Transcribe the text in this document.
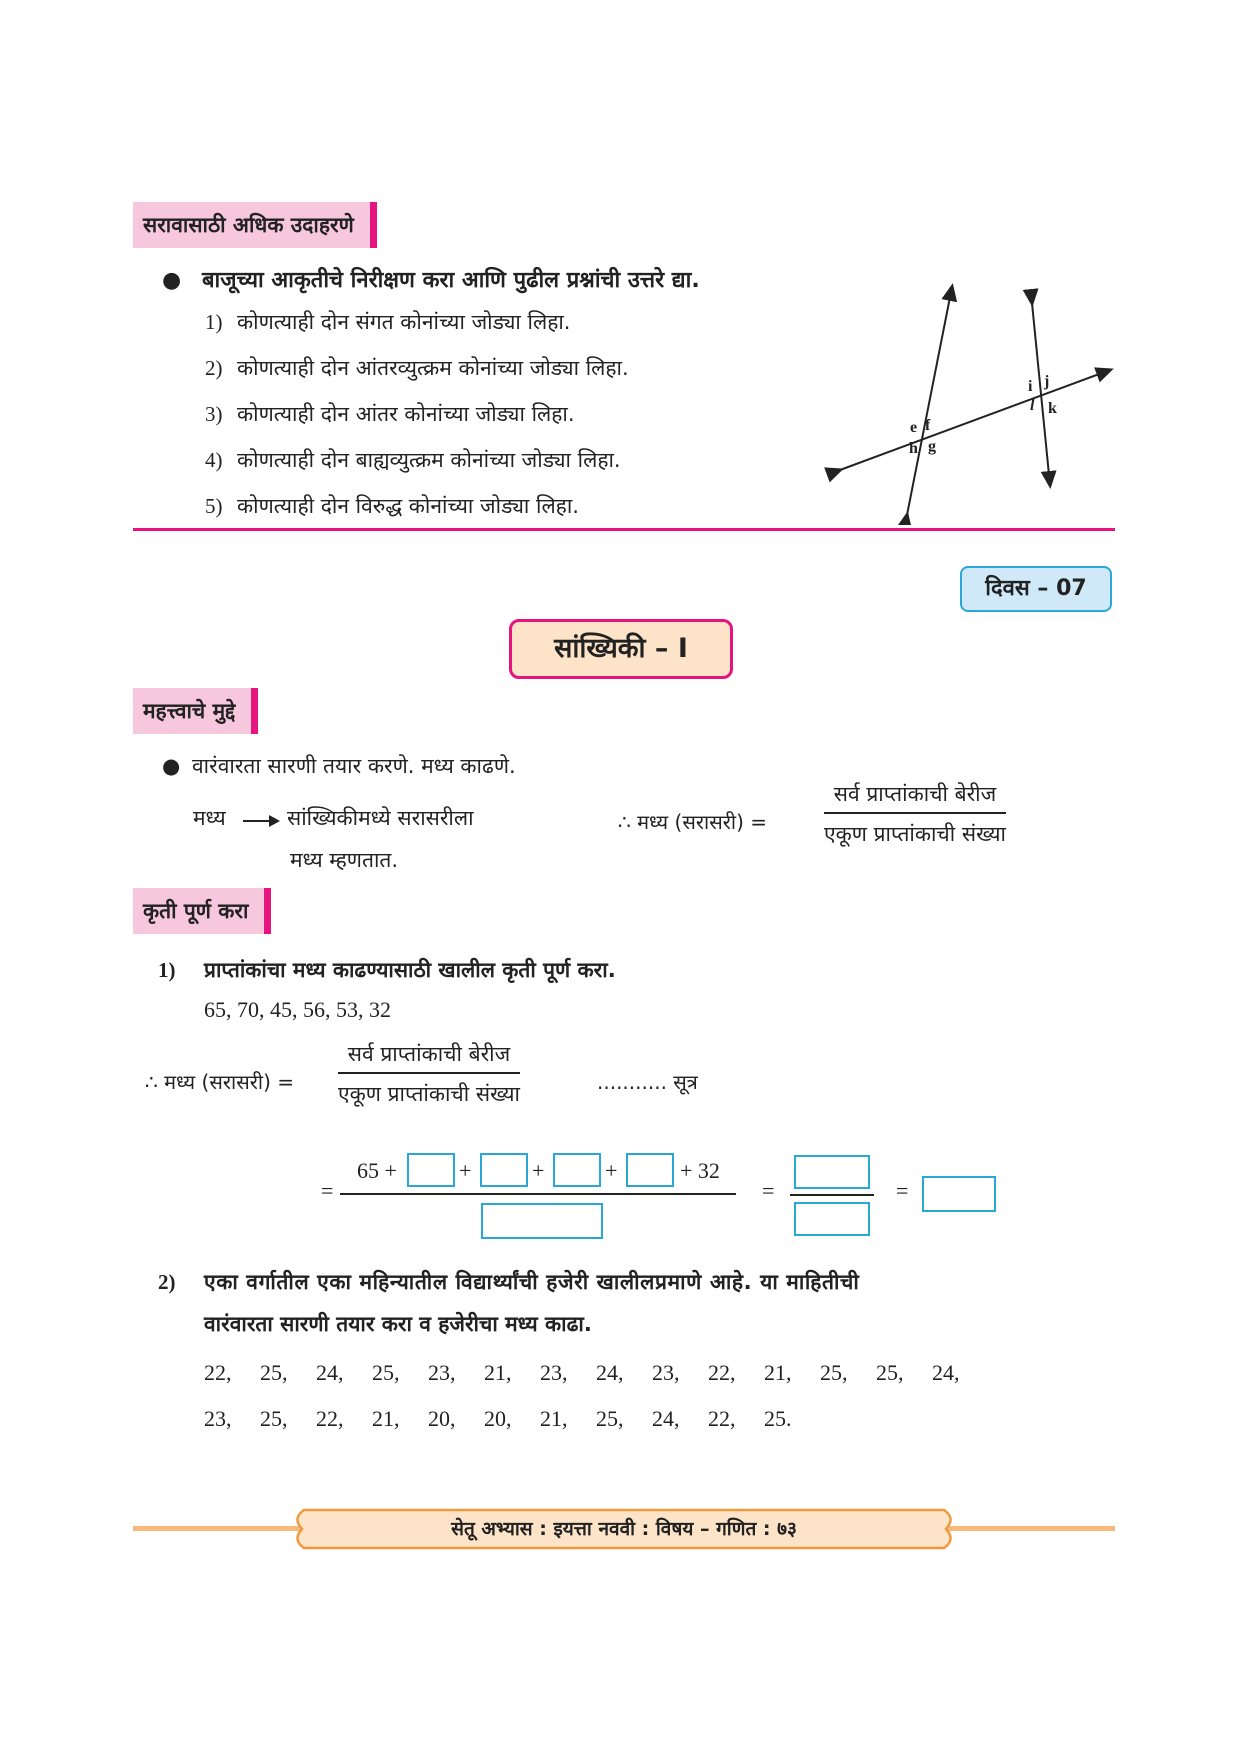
सरावासाठी अधिक उदाहरणे
● बाजूच्या आकृतीचे निरीक्षण करा आणि पुढील प्रश्नांची उत्तरे द्या.
1) कोणत्याही दोन संगत कोनांच्या जोड्या लिहा.
2) कोणत्याही दोन आंतरव्युत्क्रम कोनांच्या जोड्या लिहा.
3) कोणत्याही दोन आंतर कोनांच्या जोड्या लिहा.
4) कोणत्याही दोन बाह्यव्युत्क्रम कोनांच्या जोड्या लिहा.
5) कोणत्याही दोन विरुद्ध कोनांच्या जोड्या लिहा.
e f
h g
i j
l k
दिवस – 07
सांख्यिकी – I
महत्त्वाचे मुद्दे
● वारंवारता सारणी तयार करणे. मध्य काढणे.
मध्य	सांख्यिकीमध्ये सरासरीला
मध्य म्हणतात.
∴ मध्य (सरासरी) =
सर्व प्राप्तांकाची बेरीज
एकूण प्राप्तांकाची संख्या
कृती पूर्ण करा
1) प्राप्तांकांचा मध्य काढण्यासाठी खालील कृती पूर्ण करा.
65, 70, 45, 56, 53, 32
∴ मध्य (सरासरी) =
सर्व प्राप्तांकाची बेरीज
एकूण प्राप्तांकाची संख्या	........... सूत्र
=
65 +	+	+	+	+ 32
=	=
2) एका वर्गातील एका महिन्यातील विद्यार्थ्यांची हजेरी खालीलप्रमाणे आहे. या माहितीची
वारंवारता सारणी तयार करा व हजेरीचा मध्य काढा.
22,	25,	24,	25,	23,	21,	23,	24,	23,	22,	21,	25,	25,	24,
23,	25,	22,	21,	20,	20,	21,	25,	24,	22,	25.
सेतू अभ्यास : इयत्ता नववी : विषय – गणित : ७३
